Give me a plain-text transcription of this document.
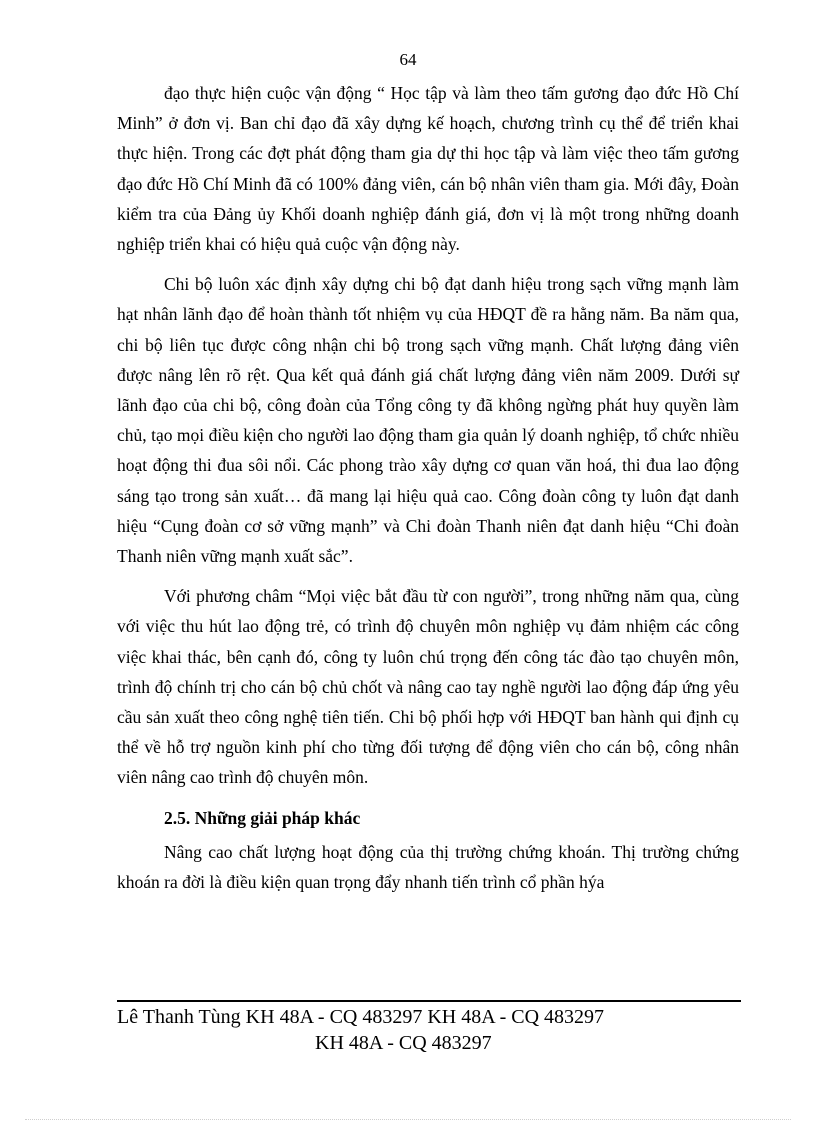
64

đạo thực hiện cuộc vận động “ Học tập và làm theo tấm gương đạo đức Hồ Chí Minh” ở đơn vị. Ban chỉ đạo đã xây dựng kế hoạch, chương trình cụ thể để triển khai thực hiện. Trong các đợt phát động tham gia dự thi học tập và làm việc theo tấm gương đạo đức Hồ Chí Minh đã có 100% đảng viên, cán bộ nhân viên tham gia. Mới đây, Đoàn kiểm tra của Đảng ủy Khối doanh nghiệp đánh giá, đơn vị là một trong những doanh nghiệp triển khai có hiệu quả cuộc vận động này.

Chi bộ luôn xác định xây dựng chi bộ đạt danh hiệu trong sạch vững mạnh làm hạt nhân lãnh đạo để hoàn thành tốt nhiệm vụ của HĐQT đề ra hằng năm. Ba năm qua, chi bộ liên tục được công nhận chi bộ trong sạch vững mạnh. Chất lượng đảng viên được nâng lên rõ rệt. Qua kết quả đánh giá chất lượng đảng viên năm 2009. Dưới sự lãnh đạo của chi bộ, công đoàn của Tổng công ty đã không ngừng phát huy quyền làm chủ, tạo mọi điều kiện cho người lao động tham gia quản lý doanh nghiệp, tổ chức nhiều hoạt động thi đua sôi nổi. Các phong trào xây dựng cơ quan văn hoá, thi đua lao động sáng tạo trong sản xuất… đã mang lại hiệu quả cao. Công đoàn công ty luôn đạt danh hiệu “Cụng đoàn cơ sở vững mạnh” và Chi đoàn Thanh niên đạt danh hiệu “Chi đoàn Thanh niên vững mạnh xuất sắc”.

Với phương châm “Mọi việc bắt đầu từ con người”, trong những năm qua, cùng với việc thu hút lao động trẻ, có trình độ chuyên môn nghiệp vụ đảm nhiệm các công việc khai thác, bên cạnh đó, công ty luôn chú trọng đến công tác đào tạo chuyên môn, trình độ chính trị cho cán bộ chủ chốt và nâng cao tay nghề người lao động đáp ứng yêu cầu sản xuất theo công nghệ tiên tiến. Chi bộ phối hợp với HĐQT ban hành qui định cụ thể về hỗ trợ nguồn kinh phí cho từng đối tượng để động viên cho cán bộ, công nhân viên nâng cao trình độ chuyên môn.

2.5. Những giải pháp khác

Nâng cao chất lượng hoạt động của thị trường chứng khoán. Thị trường chứng khoán ra đời là điều kiện quan trọng đẩy nhanh tiến trình cổ phần hýa

Lê Thanh Tùng KH 48A - CQ 483297 KH 48A - CQ 483297
KH 48A - CQ 483297
